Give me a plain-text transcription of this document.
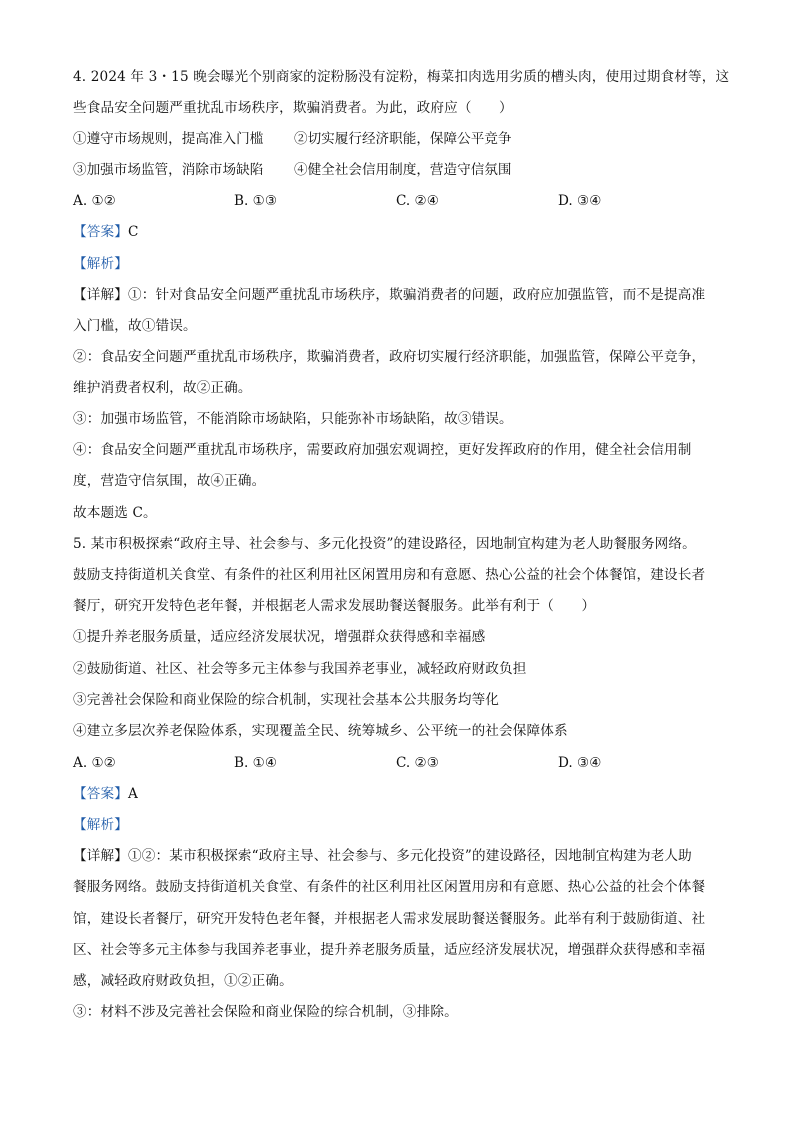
4. 2024 年 3・15 晚会曝光个别商家的淀粉肠没有淀粉，梅菜扣肉选用劣质的槽头肉，使用过期食材等，这
些食品安全问题严重扰乱市场秩序，欺骗消费者。为此，政府应（　　）
①遵守市场规则，提高准入门槛 ②切实履行经济职能，保障公平竞争
③加强市场监管，消除市场缺陷 ④健全社会信用制度，营造守信氛围
A. ①②	B. ①③	C. ②④	D. ③④
【答案】C
【解析】
【详解】①：针对食品安全问题严重扰乱市场秩序，欺骗消费者的问题，政府应加强监管，而不是提高准
入门槛，故①错误。
②：食品安全问题严重扰乱市场秩序，欺骗消费者，政府切实履行经济职能，加强监管，保障公平竞争，
维护消费者权利，故②正确。
③：加强市场监管，不能消除市场缺陷，只能弥补市场缺陷，故③错误。
④：食品安全问题严重扰乱市场秩序，需要政府加强宏观调控，更好发挥政府的作用，健全社会信用制
度，营造守信氛围，故④正确。
故本题选 C。
5. 某市积极探索“政府主导、社会参与、多元化投资”的建设路径，因地制宜构建为老人助餐服务网络。
鼓励支持街道机关食堂、有条件的社区利用社区闲置用房和有意愿、热心公益的社会个体餐馆，建设长者
餐厅，研究开发特色老年餐，并根据老人需求发展助餐送餐服务。此举有利于（　　）
①提升养老服务质量，适应经济发展状况，增强群众获得感和幸福感
②鼓励街道、社区、社会等多元主体参与我国养老事业，减轻政府财政负担
③完善社会保险和商业保险的综合机制，实现社会基本公共服务均等化
④建立多层次养老保险体系，实现覆盖全民、统筹城乡、公平统一的社会保障体系
A. ①②	B. ①④	C. ②③	D. ③④
【答案】A
【解析】
【详解】①②：某市积极探索“政府主导、社会参与、多元化投资”的建设路径，因地制宜构建为老人助
餐服务网络。鼓励支持街道机关食堂、有条件的社区利用社区闲置用房和有意愿、热心公益的社会个体餐
馆，建设长者餐厅，研究开发特色老年餐，并根据老人需求发展助餐送餐服务。此举有利于鼓励街道、社
区、社会等多元主体参与我国养老事业，提升养老服务质量，适应经济发展状况，增强群众获得感和幸福
感，减轻政府财政负担，①②正确。
③：材料不涉及完善社会保险和商业保险的综合机制，③排除。
